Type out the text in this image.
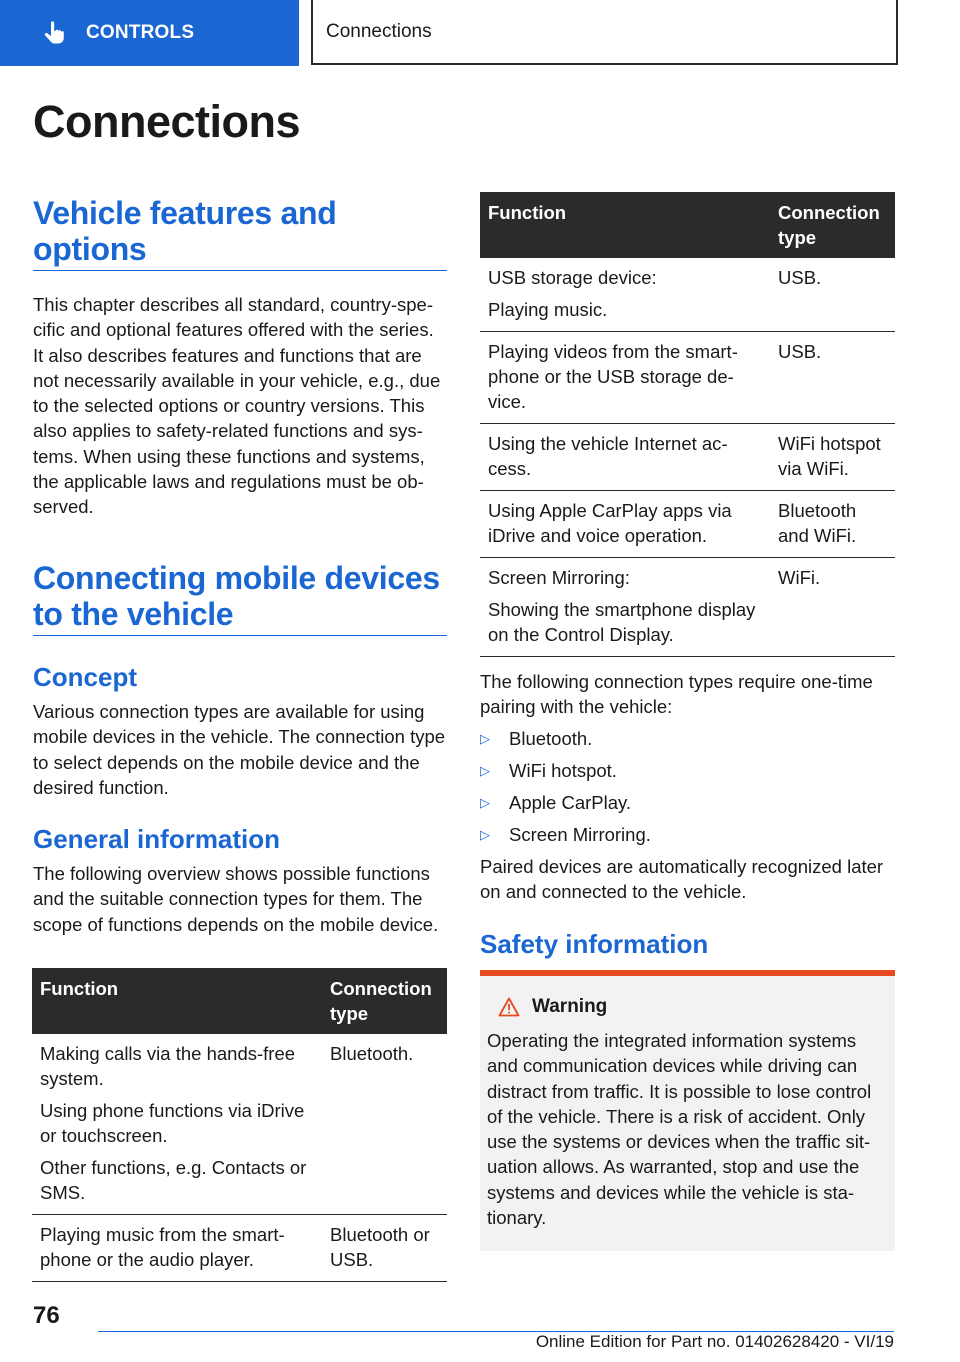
CONTROLS	Connections
Connections
Vehicle features and options

This chapter describes all standard, country-specific and optional features offered with the series. It also describes features and functions that are not necessarily available in your vehicle, e.g., due to the selected options or country versions. This also applies to safety-related functions and systems. When using these functions and systems, the applicable laws and regulations must be observed.

Connecting mobile devices to the vehicle
Concept

Various connection types are available for using mobile devices in the vehicle. The connection type to select depends on the mobile device and the desired function.

General information

The following overview shows possible functions and the suitable connection types for them. The scope of functions depends on the mobile device.

Function	Connection type

Making calls via the hands-free system.

Using phone functions via iDrive or touchscreen.

Other functions, e.g. Contacts or SMS.	Bluetooth.

Playing music from the smartphone or the audio player.	Bluetooth or USB.
Function	Connection type

USB storage device:

Playing music.	USB.

Playing videos from the smartphone or the USB storage device.	USB.

Using the vehicle Internet access.	WiFi hotspot via WiFi.

Using Apple CarPlay apps via iDrive and voice operation.	Bluetooth and WiFi.

Screen Mirroring:

Showing the smartphone display on the Control Display.	WiFi.

The following connection types require one-time pairing with the vehicle:

▷	Bluetooth.
▷	WiFi hotspot.
▷	Apple CarPlay.
▷	Screen Mirroring.

Paired devices are automatically recognized later on and connected to the vehicle.

Safety information
Warning

Operating the integrated information systems and communication devices while driving can distract from traffic. It is possible to lose control of the vehicle. There is a risk of accident. Only use the systems or devices when the traffic situation allows. As warranted, stop and use the systems and devices while the vehicle is stationary.

76
Online Edition for Part no. 01402628420 - VI/19
